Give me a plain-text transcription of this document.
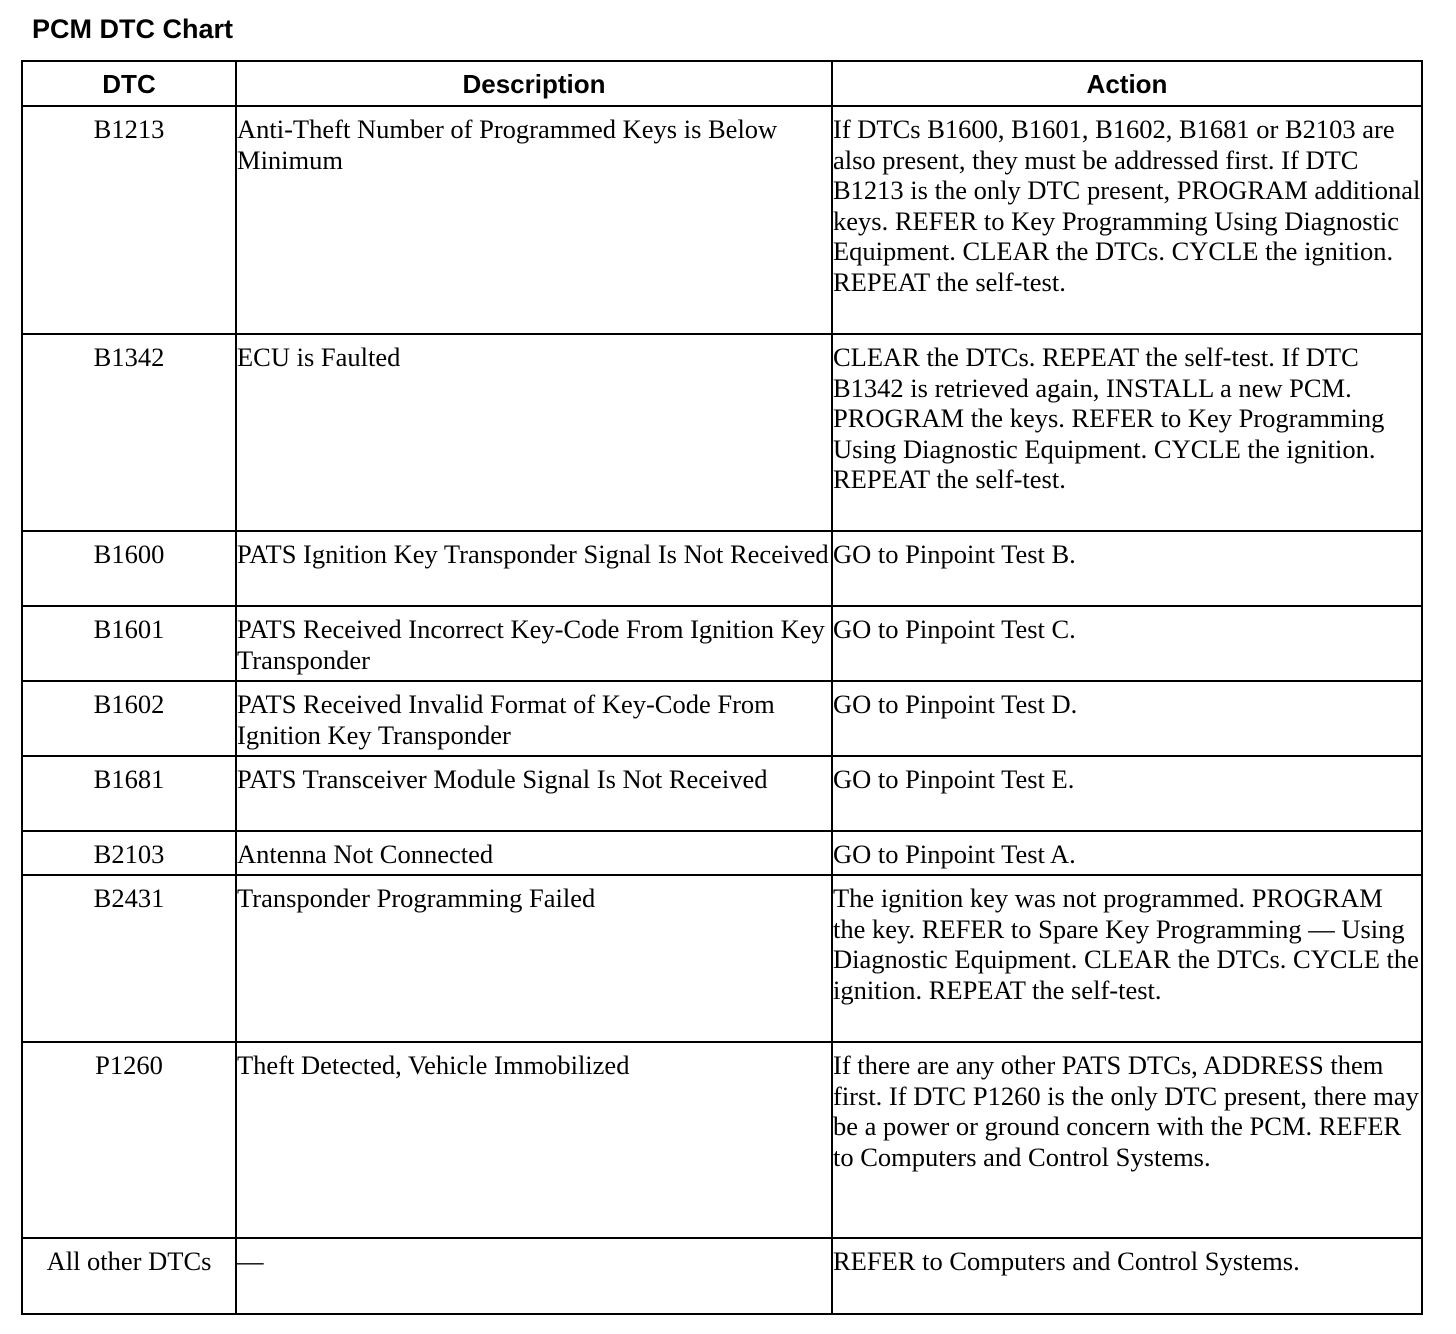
PCM DTC Chart
DTC	Description	Action
B1213	Anti-Theft Number of Programmed Keys is Below Minimum	If DTCs B1600, B1601, B1602, B1681 or B2103 are also present, they must be addressed first. If DTC B1213 is the only DTC present, PROGRAM additional keys. REFER to Key Programming Using Diagnostic Equipment. CLEAR the DTCs. CYCLE the ignition. REPEAT the self-test.
B1342	ECU is Faulted	CLEAR the DTCs. REPEAT the self-test. If DTC B1342 is retrieved again, INSTALL a new PCM. PROGRAM the keys. REFER to Key Programming Using Diagnostic Equipment. CYCLE the ignition. REPEAT the self-test.
B1600	PATS Ignition Key Transponder Signal Is Not Received	GO to Pinpoint Test B.
B1601	PATS Received Incorrect Key-Code From Ignition Key Transponder	GO to Pinpoint Test C.
B1602	PATS Received Invalid Format of Key-Code From Ignition Key Transponder	GO to Pinpoint Test D.
B1681	PATS Transceiver Module Signal Is Not Received	GO to Pinpoint Test E.
B2103	Antenna Not Connected	GO to Pinpoint Test A.
B2431	Transponder Programming Failed	The ignition key was not programmed. PROGRAM the key. REFER to Spare Key Programming — Using Diagnostic Equipment. CLEAR the DTCs. CYCLE the ignition. REPEAT the self-test.
P1260	Theft Detected, Vehicle Immobilized	If there are any other PATS DTCs, ADDRESS them first. If DTC P1260 is the only DTC present, there may be a power or ground concern with the PCM. REFER to Computers and Control Systems.
All other DTCs	—	REFER to Computers and Control Systems.
